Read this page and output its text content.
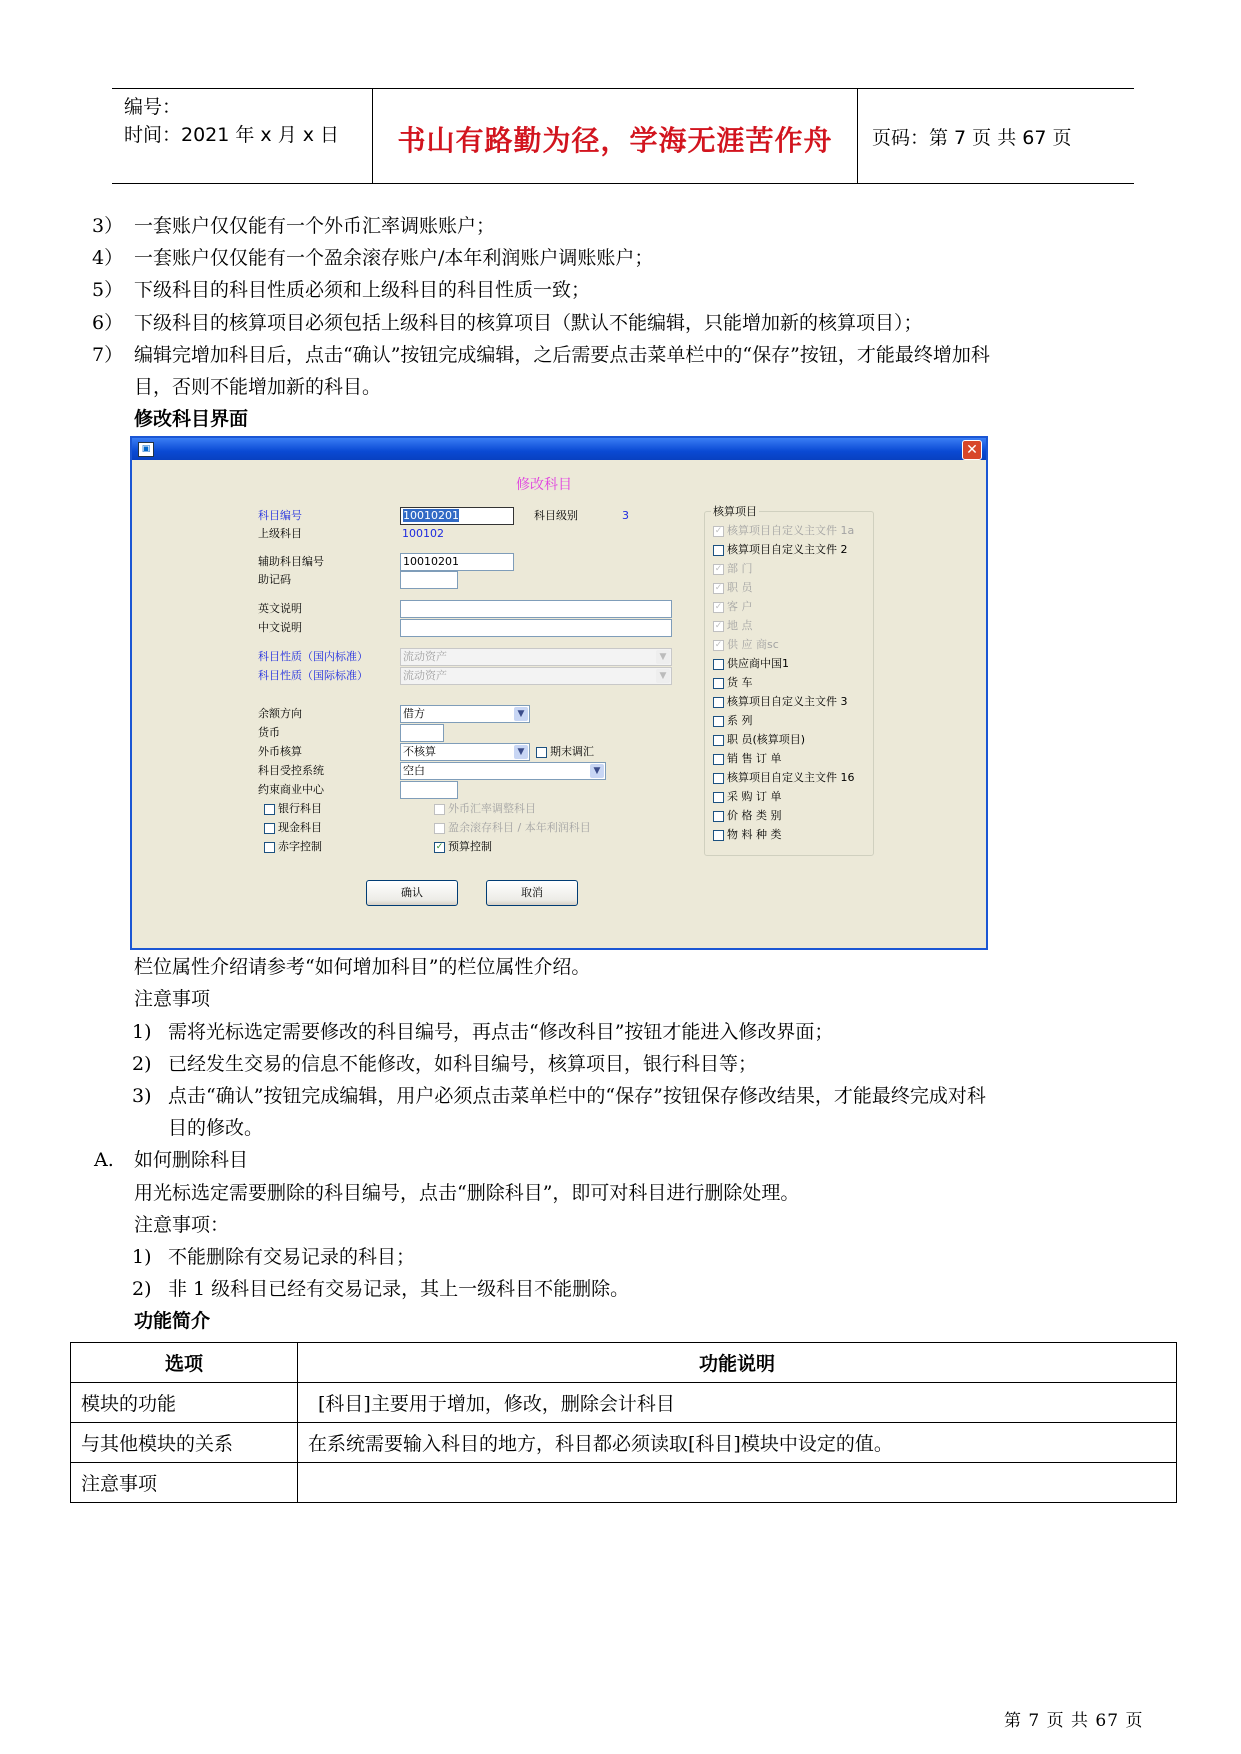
编号：
时间：2021 年 x 月 x 日	书山有路勤为径，学海无涯苦作舟	页码：第 7 页 共 67 页
3） 一套账户仅仅能有一个外币汇率调账账户；
4） 一套账户仅仅能有一个盈余滚存账户/本年利润账户调账账户；
5） 下级科目的科目性质必须和上级科目的科目性质一致；
6） 下级科目的核算项目必须包括上级科目的核算项目（默认不能编辑，只能增加新的核算项目）；
7） 编辑完增加科目后，点击“确认”按钮完成编辑，之后需要点击菜单栏中的“保存”按钮，才能最终增加科
目，否则不能增加新的科目。
修改科目界面
▣	✕
修改科目
科目编号	10010201	科目级别	3
上级科目	100102
辅助科目编号	10010201
助记码
英文说明
中文说明
科目性质（国内标准）	流动资产	▼
科目性质（国际标准）	流动资产	▼
余额方向	借方	▼
货币
外币核算	不核算	▼	期末调汇
科目受控系统	空白	▼
约束商业中心
银行科目
现金科目
赤字控制
外币汇率调整科目
盈余滚存科目 / 本年利润科目
✓ 预算控制
核算项目
✓ 核算项目自定义主文件 1a
核算项目自定义主文件 2
✓ 部 门
✓ 职 员
✓ 客 户
✓ 地 点
✓ 供 应 商sc
供应商中国1
货 车
核算项目自定义主文件 3
系 列
职 员(核算项目)
销 售 订 单
核算项目自定义主文件 16
采 购 订 单
价 格 类 别
物 料 种 类
确认	取消
栏位属性介绍请参考“如何增加科目”的栏位属性介绍。
注意事项
1) 需将光标选定需要修改的科目编号，再点击“修改科目”按钮才能进入修改界面；
2) 已经发生交易的信息不能修改，如科目编号，核算项目，银行科目等；
3) 点击“确认”按钮完成编辑，用户必须点击菜单栏中的“保存”按钮保存修改结果，才能最终完成对科
目的修改。
A. 如何删除科目
用光标选定需要删除的科目编号，点击“删除科目”，即可对科目进行删除处理。
注意事项：
1) 不能删除有交易记录的科目；
2) 非 1 级科目已经有交易记录，其上一级科目不能删除。
功能简介
选项	功能说明
模块的功能	[科目]主要用于增加，修改，删除会计科目
与其他模块的关系	在系统需要输入科目的地方，科目都必须读取[科目]模块中设定的值。
注意事项	
第 7 页 共 67 页
